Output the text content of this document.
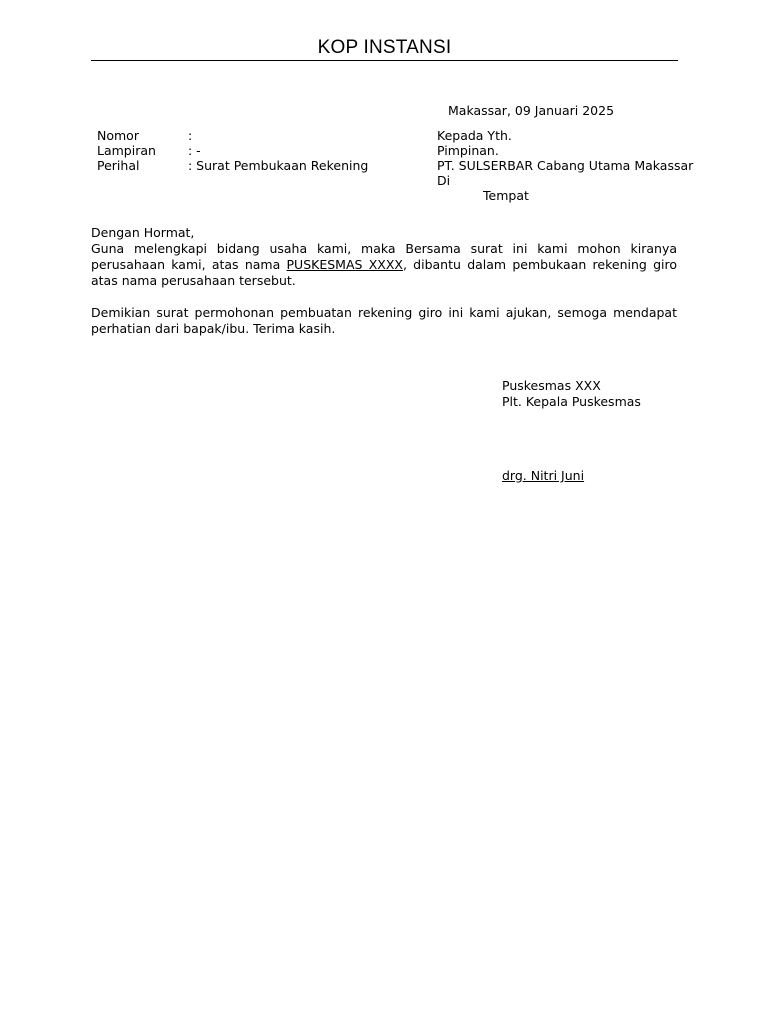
KOP INSTANSI
Makassar, 09 Januari 2025
Nomor	:
Lampiran	: -
Perihal	: Surat Pembukaan Rekening
Kepada Yth.
Pimpinan.
PT. SULSERBAR Cabang Utama Makassar
Di
Tempat

Dengan Hormat,

Guna melengkapi bidang usaha kami, maka Bersama surat ini kami mohon kiranya perusahaan kami, atas nama PUSKESMAS XXXX, dibantu dalam pembukaan rekening giro atas nama perusahaan tersebut.

Demikian surat permohonan pembuatan rekening giro ini kami ajukan, semoga mendapat perhatian dari bapak/ibu. Terima kasih.

Puskesmas XXX
Plt. Kepala Puskesmas
drg. Nitri Juni
